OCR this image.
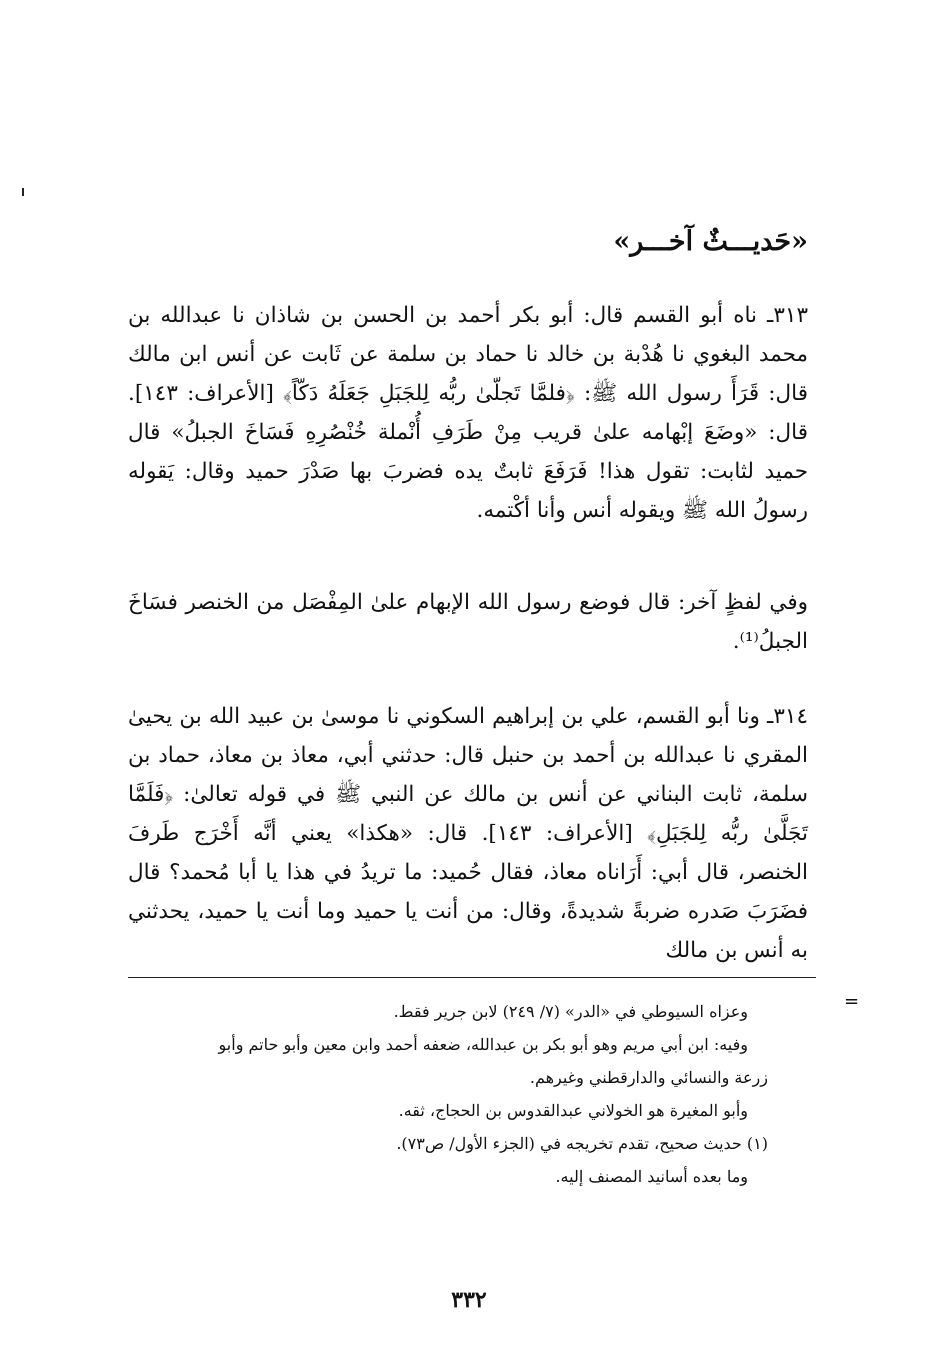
«حَديـــثٌ آخـــر»
٣١٣ـ ناه أبو القسم قال: أبو بكر أحمد بن الحسن بن شاذان نا عبدالله بن محمد البغوي نا هُدْبة بن خالد نا حماد بن سلمة عن ثَابت عن أنس ابن مالك قال: قَرَأَ رسول الله ﷺ: ﴿فلمَّا تَجلّىٰ ربُّه لِلجَبَلِ جَعَلَهُ دَكّاً﴾ [الأعراف: ١٤٣]. قال: «وضَعَ إبْهامه علىٰ قريب مِنْ طَرَفِ أُنْملة خُنْصُرِهِ فَسَاخَ الجبلُ» قال حميد لثابت: تقول هذا! فَرَفَعَ ثابتٌ يده فضربَ بها صَدْرَ حميد وقال: يَقوله رسولُ الله ﷺ ويقوله أنس وأنا أكْتمه.
وفي لفظٍ آخر: قال فوضع رسول الله الإبهام علىٰ المِفْصَل من الخنصر فسَاخَ الجبلُ⁽¹⁾.
٣١٤ـ ونا أبو القسم، علي بن إبراهيم السكوني نا موسىٰ بن عبيد الله بن يحيىٰ المقري نا عبدالله بن أحمد بن حنبل قال: حدثني أبي، معاذ بن معاذ، حماد بن سلمة، ثابت البناني عن أنس بن مالك عن النبي ﷺ في قوله تعالىٰ: ﴿فَلَمَّا تَجَلَّىٰ ربُّه لِلجَبَلِ﴾ [الأعراف: ١٤٣]. قال: «هكذا» يعني أنَّه أَخْرَج طَرفَ الخنصر، قال أبي: أَرَاناه معاذ، فقال حُميد: ما تريدُ في هذا يا أبا مُحمد؟ قال فضَرَبَ صَدره ضربةً شديدةً، وقال: من أنت يا حميد وما أنت يا حميد، يحدثني به أنس بن مالك
=
وعزاه السيوطي في «الدر» (٧/ ٢٤٩) لابن جرير فقط.
وفيه: ابن أبي مريم وهو أبو بكر بن عبدالله، ضعفه أحمد وابن معين وأبو حاتم وأبو
زرعة والنسائي والدارقطني وغيرهم.
وأبو المغيرة هو الخولاني عبدالقدوس بن الحجاج، ثقه.
(١) حديث صحيح، تقدم تخريجه في (الجزء الأول/ ص٧٣).
وما بعده أسانيد المصنف إليه.
٣٣٢
